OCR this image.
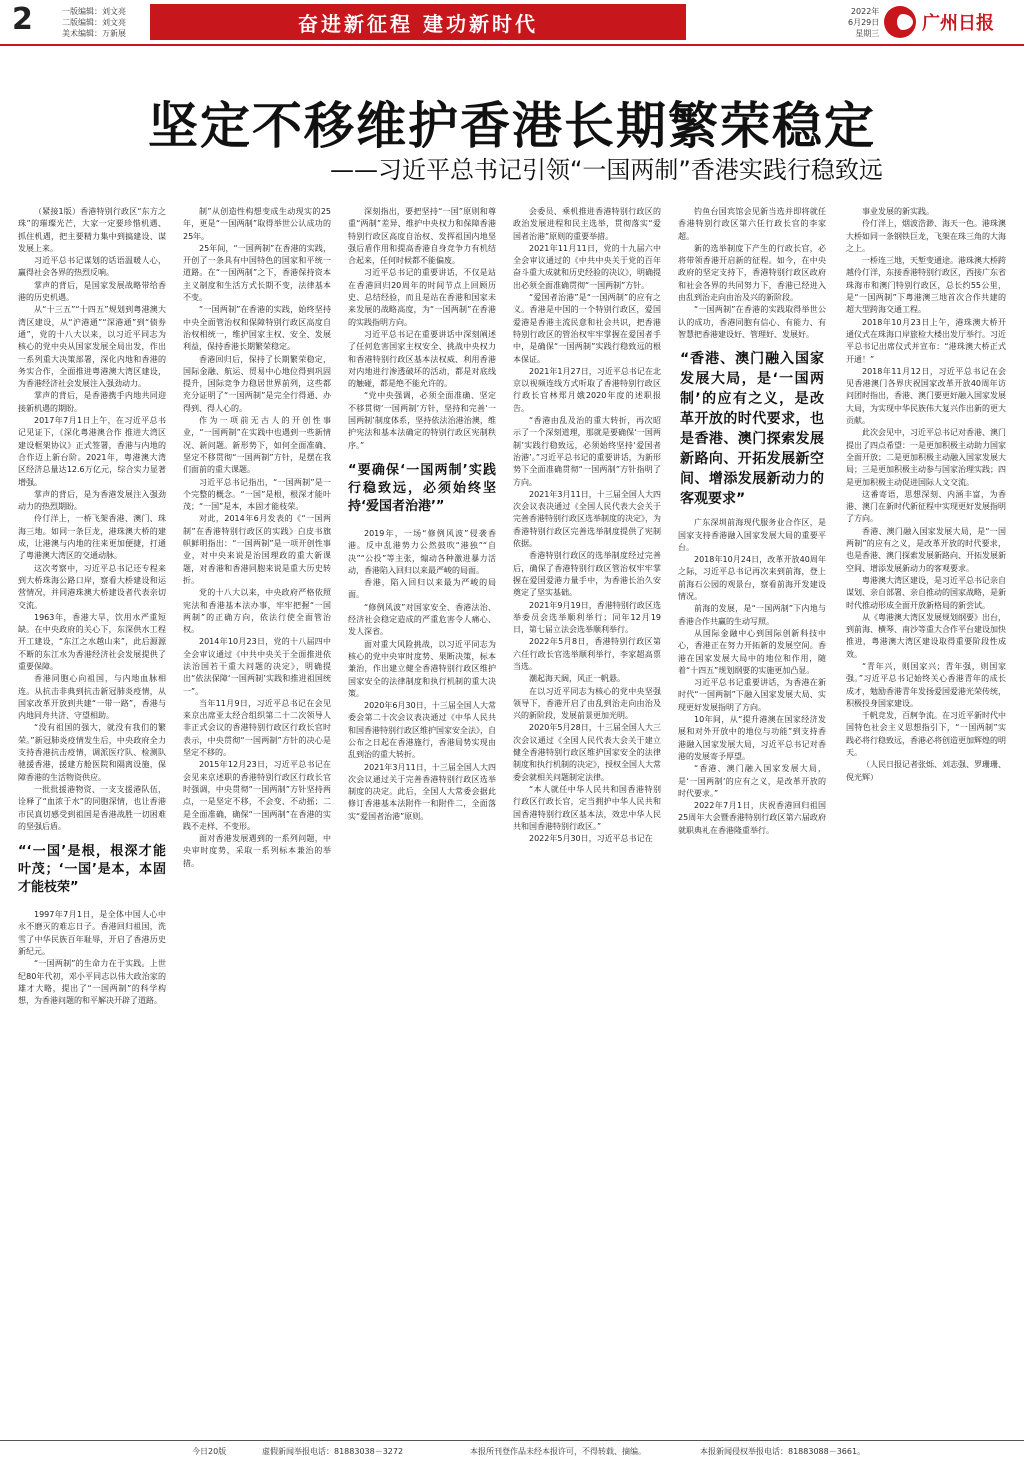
2	一版编辑：刘文亮
二版编辑：刘文亮
美术编辑：万新展	奋进新征程 建功新时代	2022年
6月29日
星期三 广州日报
坚定不移维护香港长期繁荣稳定
——习近平总书记引领“一国两制”香港实践行稳致远

（紧接1版）香港特别行政区“东方之珠”的璀璨光芒，大家一定要珍惜机遇、抓住机遇，把主要精力集中到搞建设、谋发展上来。

习近平总书记谋划的话语温暖人心，赢得社会各界的热烈反响。

掌声的背后，是国家发展战略带给香港的历史机遇。

从“十三五”“十四五”规划到粤港澳大湾区建设，从“沪港通”“深港通”到“债券通”，党的十八大以来，以习近平同志为核心的党中央从国家发展全局出发，作出一系列重大决策部署，深化内地和香港的务实合作，全面推进粤港澳大湾区建设，为香港经济社会发展注入强劲动力。

掌声的背后，是香港携手内地共同迎接新机遇的期盼。

2017年7月1日上午，在习近平总书记见证下，《深化粤港澳合作 推进大湾区建设框架协议》正式签署，香港与内地的合作迈上新台阶。2021年，粤港澳大湾区经济总量达12.6万亿元，综合实力显著增强。

掌声的背后，是为香港发展注入强劲动力的热烈期盼。

伶仃洋上，一桥飞架香港、澳门、珠海三地。如同一条巨龙，港珠澳大桥的建成，让港澳与内地的往来更加便捷，打通了粤港澳大湾区的交通动脉。

这次考察中，习近平总书记还专程来到大桥珠海公路口岸，察看大桥建设和运营情况，并同港珠澳大桥建设者代表亲切交流。

1963年，香港大旱，饮用水严重短缺。在中央政府的关心下，东深供水工程开工建设，“东江之水越山来”，此后源源不断的东江水为香港经济社会发展提供了重要保障。

香港同胞心向祖国，与内地血脉相连。从抗击非典到抗击新冠肺炎疫情，从国家改革开放到共建“一带一路”，香港与内地同舟共济、守望相助。

“没有祖国的强大，就没有我们的繁荣。”新冠肺炎疫情发生后，中央政府全力支持香港抗击疫情，调派医疗队、检测队驰援香港，援建方舱医院和隔离设施，保障香港的生活物资供应。

一批批援港物资、一支支援港队伍，诠释了“血浓于水”的同胞深情，也让香港市民真切感受到祖国是香港战胜一切困难的坚强后盾。

“‘一国’是根，根深才能叶茂；‘一国’是本，本固才能枝荣”

1997年7月1日，是全体中国人心中永不磨灭的难忘日子。香港回归祖国，洗雪了中华民族百年耻辱，开启了香港历史新纪元。

“一国两制”的生命力在于实践。上世纪80年代初，邓小平同志以伟大政治家的雄才大略，提出了“一国两制”的科学构想，为香港问题的和平解决开辟了道路。

制”从创造性构想变成生动现实的25年，更是“一国两制”取得举世公认成功的25年。

25年间，“一国两制”在香港的实践，开创了一条具有中国特色的国家和平统一道路。在“一国两制”之下，香港保持资本主义制度和生活方式长期不变，法律基本不变。

“一国两制”在香港的实践，始终坚持中央全面管治权和保障特别行政区高度自治权相统一，维护国家主权、安全、发展利益，保持香港长期繁荣稳定。

香港回归后，保持了长期繁荣稳定，国际金融、航运、贸易中心地位得到巩固提升，国际竞争力稳居世界前列，这些都充分证明了“一国两制”是完全行得通、办得到、得人心的。

作为一项前无古人的开创性事业，“一国两制”在实践中也遇到一些新情况、新问题。新形势下，如何全面准确、坚定不移贯彻“一国两制”方针，是摆在我们面前的重大课题。

习近平总书记指出，“一国两制”是一个完整的概念。“一国”是根，根深才能叶茂；“一国”是本，本固才能枝荣。

对此，2014年6月发表的《“一国两制”在香港特别行政区的实践》白皮书旗帜鲜明指出：“一国两制”是一项开创性事业，对中央来说是治国理政的重大新课题，对香港和香港同胞来说是重大历史转折。

党的十八大以来，中央政府严格依照宪法和香港基本法办事，牢牢把握“一国两制”的正确方向，依法行使全面管治权。

2014年10月23日，党的十八届四中全会审议通过《中共中央关于全面推进依法治国若干重大问题的决定》，明确提出“依法保障‘一国两制’实践和推进祖国统一”。

当年11月9日，习近平总书记在会见来京出席亚太经合组织第二十二次领导人非正式会议的香港特别行政区行政长官时表示，中央贯彻“一国两制”方针的决心是坚定不移的。

2015年12月23日，习近平总书记在会见来京述职的香港特别行政区行政长官时强调，中央贯彻“一国两制”方针坚持两点，一是坚定不移，不会变、不动摇；二是全面准确，确保“一国两制”在香港的实践不走样、不变形。

面对香港发展遇到的一系列问题，中央审时度势，采取一系列标本兼治的举措。

深刻指出，要把坚持“一国”原则和尊重“两制”差异、维护中央权力和保障香港特别行政区高度自治权、发挥祖国内地坚强后盾作用和提高香港自身竞争力有机结合起来，任何时候都不能偏废。

习近平总书记的重要讲话，不仅是站在香港回归20周年的时间节点上回顾历史、总结经验，而且是站在香港和国家未来发展的战略高度，为“一国两制”在香港的实践指明方向。

习近平总书记在重要讲话中深刻阐述了任何危害国家主权安全、挑战中央权力和香港特别行政区基本法权威、利用香港对内地进行渗透破坏的活动，都是对底线的触碰，都是绝不能允许的。

“党中央强调，必须全面准确、坚定不移贯彻‘一国两制’方针，坚持和完善‘一国两制’制度体系，坚持依法治港治澳，维护宪法和基本法确定的特别行政区宪制秩序。”

“要确保‘一国两制’实践行稳致远，必须始终坚持‘爱国者治港’”

2019年，一场“修例风波”侵袭香港。反中乱港势力公然鼓吹“港独”“自决”“公投”等主张，煽动各种激进暴力活动，香港陷入回归以来最严峻的局面。

香港，陷入回归以来最为严峻的局面。

“修例风波”对国家安全、香港法治、经济社会稳定造成的严重危害令人痛心、发人深省。

面对重大风险挑战，以习近平同志为核心的党中央审时度势、果断决策，标本兼治，作出建立健全香港特别行政区维护国家安全的法律制度和执行机制的重大决策。

2020年6月30日，十三届全国人大常委会第二十次会议表决通过《中华人民共和国香港特别行政区维护国家安全法》，自公布之日起在香港施行，香港局势实现由乱到治的重大转折。

2021年3月11日，十三届全国人大四次会议通过关于完善香港特别行政区选举制度的决定。此后，全国人大常委会据此修订香港基本法附件一和附件二，全面落实“爱国者治港”原则。

会委员、乘机推进香港特别行政区的政治发展进程和民主选举，贯彻落实“爱国者治港”原则的重要举措。

2021年11月11日，党的十九届六中全会审议通过的《中共中央关于党的百年奋斗重大成就和历史经验的决议》，明确提出必须全面准确贯彻“一国两制”方针。

“爱国者治港”是“一国两制”的应有之义。香港是中国的一个特别行政区，爱国爱港是香港主流民意和社会共识，把香港特别行政区的管治权牢牢掌握在爱国者手中，是确保“一国两制”实践行稳致远的根本保证。

2021年1月27日，习近平总书记在北京以视频连线方式听取了香港特别行政区行政长官林郑月娥2020年度的述职报告。

“香港由乱及治的重大转折，再次昭示了一个深刻道理，那就是要确保‘一国两制’实践行稳致远，必须始终坚持‘爱国者治港’。”习近平总书记的重要讲话，为新形势下全面准确贯彻“一国两制”方针指明了方向。

2021年3月11日，十三届全国人大四次会议表决通过《全国人民代表大会关于完善香港特别行政区选举制度的决定》，为香港特别行政区完善选举制度提供了宪制依据。

香港特别行政区的选举制度经过完善后，确保了香港特别行政区管治权牢牢掌握在爱国爱港力量手中，为香港长治久安奠定了坚实基础。

2021年9月19日，香港特别行政区选举委员会选举顺利举行；同年12月19日，第七届立法会选举顺利举行。

2022年5月8日，香港特别行政区第六任行政长官选举顺利举行，李家超高票当选。

潮起海天阔，风正一帆悬。

在以习近平同志为核心的党中央坚强领导下，香港开启了由乱到治走向由治及兴的新阶段，发展前景更加光明。

2020年5月28日，十三届全国人大三次会议通过《全国人民代表大会关于建立健全香港特别行政区维护国家安全的法律制度和执行机制的决定》，授权全国人大常委会就相关问题制定法律。

“本人就任中华人民共和国香港特别行政区行政长官，定当拥护中华人民共和国香港特别行政区基本法，效忠中华人民共和国香港特别行政区。”

2022年5月30日，习近平总书记在

钓鱼台国宾馆会见新当选并即将就任香港特别行政区第六任行政长官的李家超。

新的选举制度下产生的行政长官，必将带领香港开启新的征程。如今，在中央政府的坚定支持下，香港特别行政区政府和社会各界的共同努力下，香港已经进入由乱到治走向由治及兴的新阶段。

“一国两制”在香港的实践取得举世公认的成功，香港同胞有信心、有能力、有智慧把香港建设好、管理好、发展好。

“香港、澳门融入国家发展大局，是‘一国两制’的应有之义，是改革开放的时代要求，也是香港、澳门探索发展新路向、开拓发展新空间、增添发展新动力的客观要求”

广东深圳前海现代服务业合作区，是国家支持香港融入国家发展大局的重要平台。

2018年10月24日，改革开放40周年之际，习近平总书记再次来到前海，登上前海石公园的观景台，察看前海开发建设情况。

前海的发展，是“一国两制”下内地与香港合作共赢的生动写照。

从国际金融中心到国际创新科技中心，香港正在努力开拓新的发展空间。香港在国家发展大局中的地位和作用，随着“十四五”规划纲要的实施更加凸显。

习近平总书记重要讲话，为香港在新时代“一国两制”下融入国家发展大局、实现更好发展指明了方向。

10年间，从“提升港澳在国家经济发展和对外开放中的地位与功能”到支持香港融入国家发展大局，习近平总书记对香港的发展寄予厚望。

“香港、澳门融入国家发展大局，是‘一国两制’的应有之义，是改革开放的时代要求。”

2022年7月1日，庆祝香港回归祖国25周年大会暨香港特别行政区第六届政府就职典礼在香港隆重举行。

事业发展的新实践。

伶仃洋上，烟波浩渺、海天一色。港珠澳大桥如同一条钢铁巨龙，飞架在珠三角的大海之上。

一桥连三地，天堑变通途。港珠澳大桥跨越伶仃洋，东接香港特别行政区，西接广东省珠海市和澳门特别行政区，总长约55公里，是“一国两制”下粤港澳三地首次合作共建的超大型跨海交通工程。

2018年10月23日上午，港珠澳大桥开通仪式在珠海口岸旅检大楼出发厅举行。习近平总书记出席仪式并宣布：“港珠澳大桥正式开通！”

2018年11月12日，习近平总书记在会见香港澳门各界庆祝国家改革开放40周年访问团时指出，香港、澳门要更好融入国家发展大局，为实现中华民族伟大复兴作出新的更大贡献。

此次会见中，习近平总书记对香港、澳门提出了四点希望：一是更加积极主动助力国家全面开放；二是更加积极主动融入国家发展大局；三是更加积极主动参与国家治理实践；四是更加积极主动促进国际人文交流。

这番寄语，思想深刻、内涵丰富，为香港、澳门在新时代新征程中实现更好发展指明了方向。

香港、澳门融入国家发展大局，是“一国两制”的应有之义，是改革开放的时代要求，也是香港、澳门探索发展新路向、开拓发展新空间、增添发展新动力的客观要求。

粤港澳大湾区建设，是习近平总书记亲自谋划、亲自部署、亲自推动的国家战略，是新时代推动形成全面开放新格局的新尝试。

从《粤港澳大湾区发展规划纲要》出台，到前海、横琴、南沙等重大合作平台建设加快推进，粤港澳大湾区建设取得重要阶段性成效。

“青年兴，则国家兴；青年强，则国家强。”习近平总书记始终关心香港青年的成长成才，勉励香港青年发扬爱国爱港光荣传统，积极投身国家建设。

千帆竞发，百舸争流。在习近平新时代中国特色社会主义思想指引下，“一国两制”实践必将行稳致远，香港必将创造更加辉煌的明天。

（人民日报记者张烁、刘志强、罗珊珊、倪光辉）

今日20版	虚假新闻举报电话：81883038－3272	本报所刊登作品未经本报许可，不得转载、摘编。	本报新闻侵权举报电话：81883088－3661。
